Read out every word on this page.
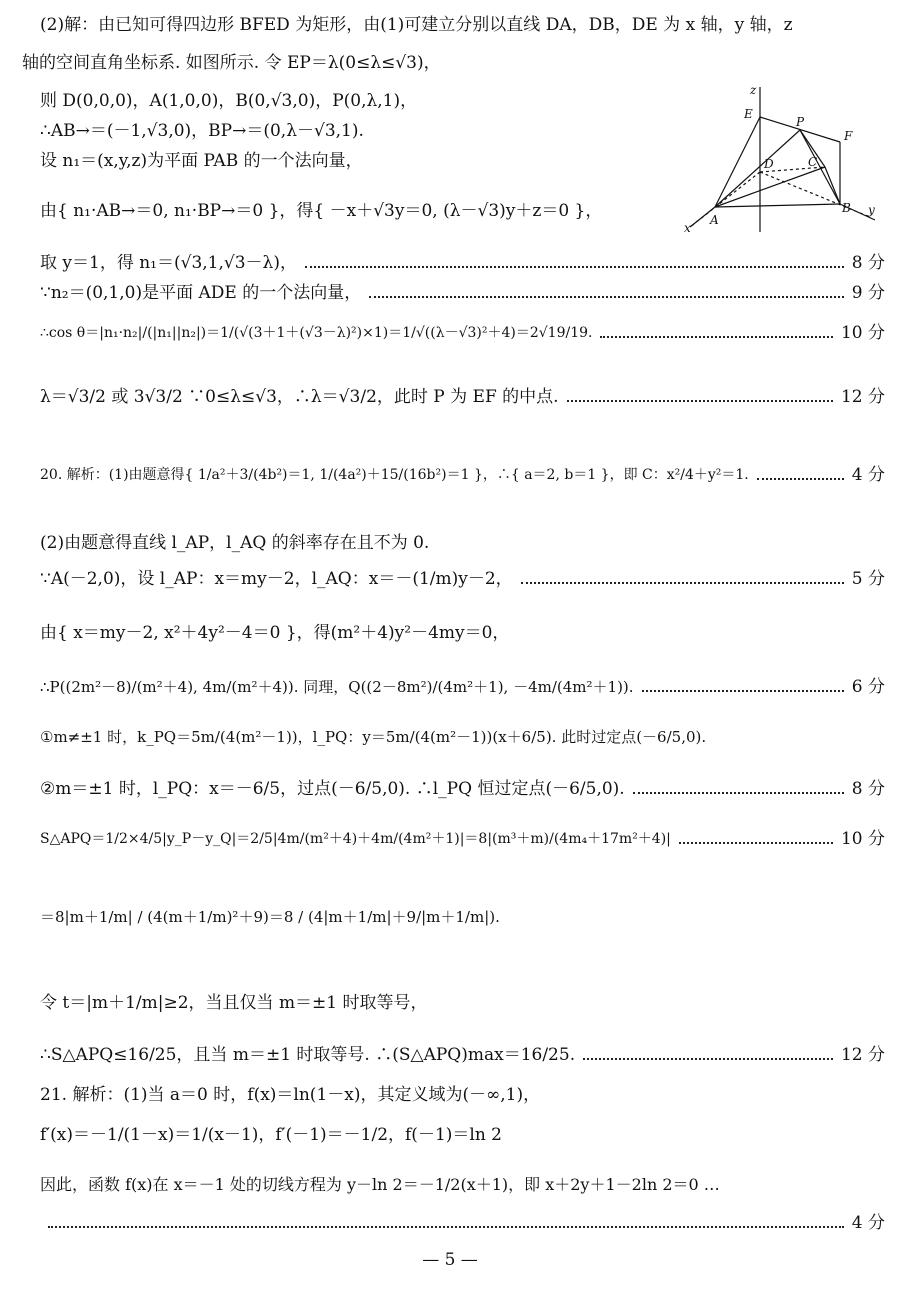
(2)解：由已知可得四边形 BFED 为矩形，由(1)可建立分别以直线 DA，DB，DE 为 x 轴，y 轴，z
轴的空间直角坐标系. 如图所示. 令 EP＝λ(0≤λ≤√3)，
则 D(0,0,0)，A(1,0,0)，B(0,√3,0)，P(0,λ,1)，
∴AB→＝(－1,√3,0)，BP→＝(0,λ－√3,1).
设 n₁＝(x,y,z)为平面 PAB 的一个法向量，
由{ n₁·AB→＝0, n₁·BP→＝0 }，得{ －x＋√3y＝0, (λ－√3)y＋z＝0 }，
取 y＝1，得 n₁＝(√3,1,√3－λ)，	8 分
∵n₂＝(0,1,0)是平面 ADE 的一个法向量，	9 分
∴cos θ＝|n₁·n₂|/(|n₁||n₂|)＝1/(√(3＋1＋(√3－λ)²)×1)＝1/√((λ－√3)²＋4)＝2√19/19.	10 分
λ＝√3/2 或 3√3/2 ∵0≤λ≤√3，∴λ＝√3/2，此时 P 为 EF 的中点.	12 分
20. 解析：(1)由题意得{ 1/a²＋3/(4b²)＝1, 1/(4a²)＋15/(16b²)＝1 }，∴{ a＝2, b＝1 }，即 C：x²/4＋y²＝1.	4 分
(2)由题意得直线 l_AP，l_AQ 的斜率存在且不为 0.
∵A(－2,0)，设 l_AP：x＝my－2，l_AQ：x＝－(1/m)y－2，	5 分
由{ x＝my－2, x²＋4y²－4＝0 }，得(m²＋4)y²－4my＝0，
∴P((2m²－8)/(m²＋4), 4m/(m²＋4)). 同理，Q((2－8m²)/(4m²＋1), －4m/(4m²＋1)).	6 分
①m≠±1 时，k_PQ＝5m/(4(m²－1))，l_PQ：y＝5m/(4(m²－1))(x＋6/5). 此时过定点(－6/5,0).
②m＝±1 时，l_PQ：x＝－6/5，过点(－6/5,0). ∴l_PQ 恒过定点(－6/5,0).	8 分
S△APQ＝1/2×4/5|y_P－y_Q|＝2/5|4m/(m²＋4)＋4m/(4m²＋1)|＝8|(m³＋m)/(4m₄＋17m²＋4)|	10 分
＝8|m＋1/m| / (4(m＋1/m)²＋9)＝8 / (4|m＋1/m|＋9/|m＋1/m|).
令 t＝|m＋1/m|≥2，当且仅当 m＝±1 时取等号，
∴S△APQ≤16/25，且当 m＝±1 时取等号. ∴(S△APQ)max＝16/25.	12 分
21. 解析：(1)当 a＝0 时，f(x)＝ln(1－x)，其定义域为(－∞,1)，
f′(x)＝－1/(1－x)＝1/(x－1)，f′(－1)＝－1/2，f(－1)＝ln 2
因此，函数 f(x)在 x＝－1 处的切线方程为 y－ln 2＝－1/2(x＋1)，即 x＋2y＋1－2ln 2＝0 …
4 分
z
E
P
F
D	C
B y
x
A
— 5 —
